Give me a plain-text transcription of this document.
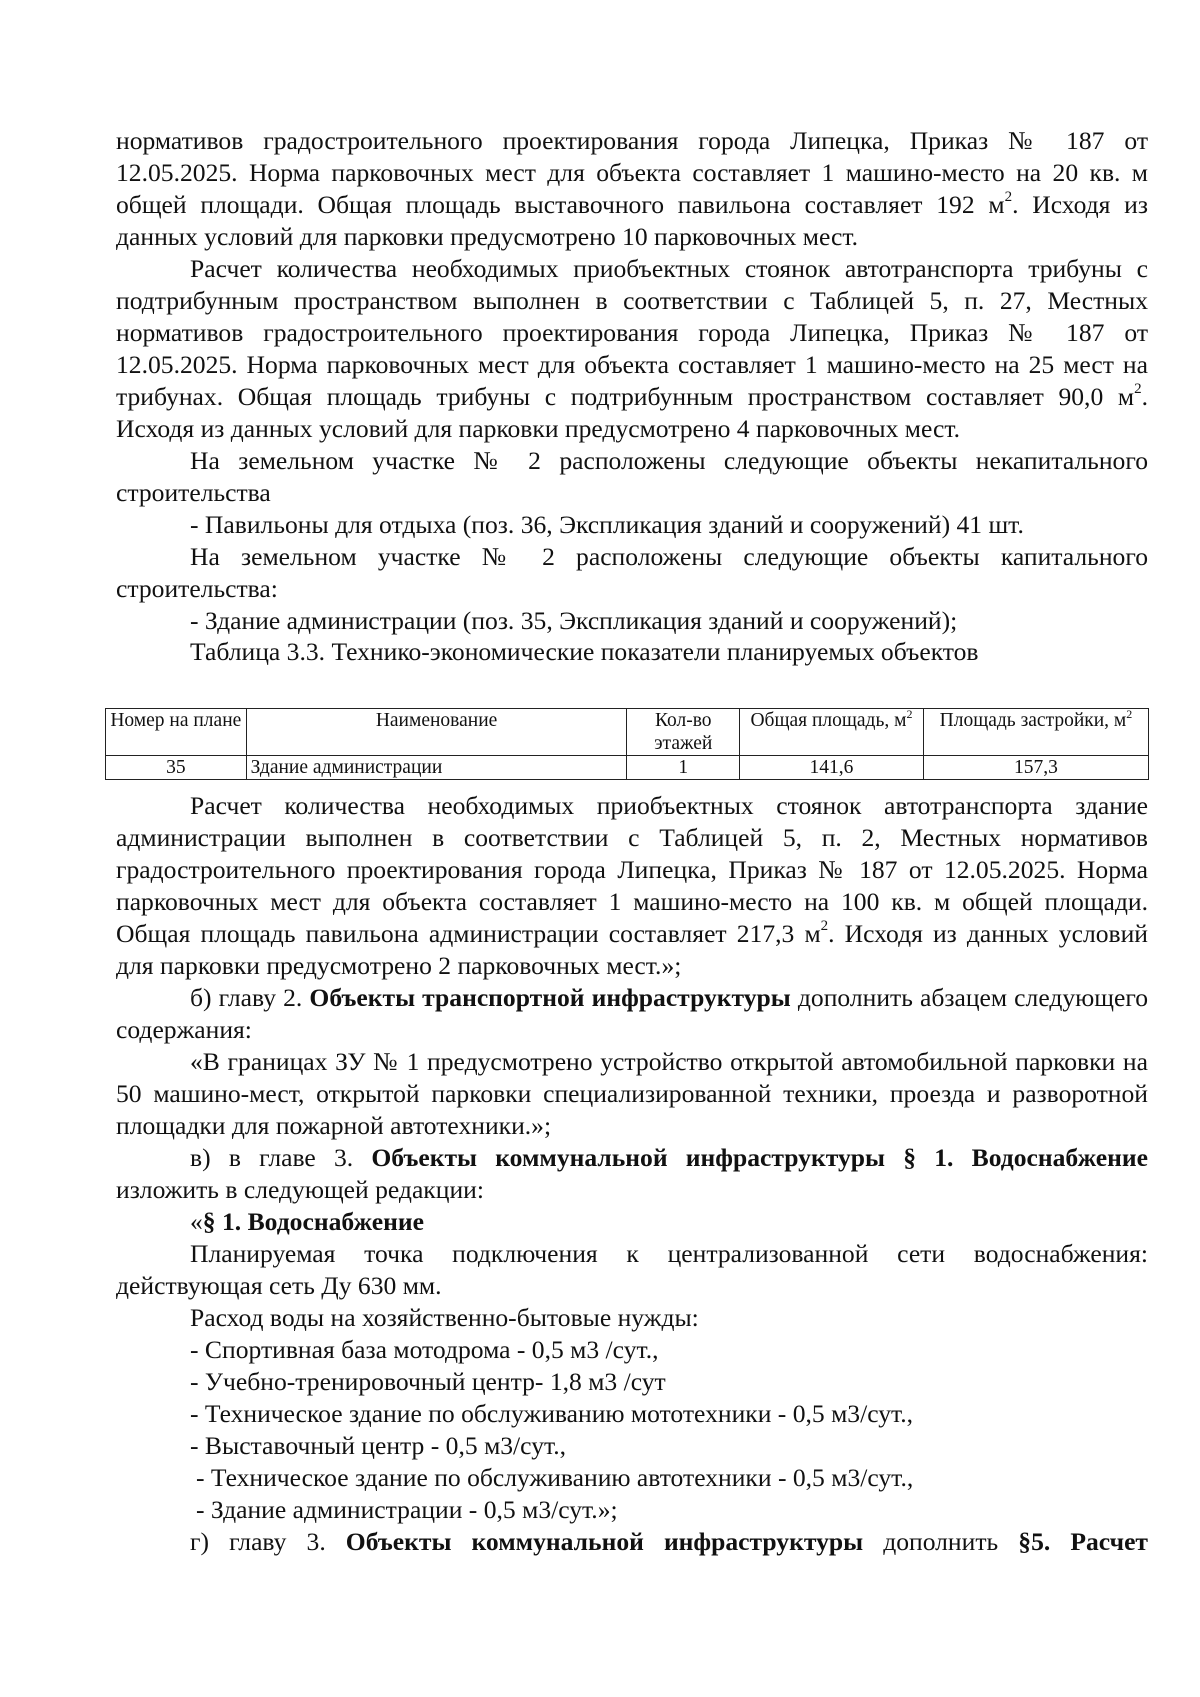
нормативов градостроительного проектирования города Липецка, Приказ № 187 от 12.05.2025. Норма парковочных мест для объекта составляет 1 машино-место на 20 кв. м общей площади. Общая площадь выставочного павильона составляет 192 $м^2$. Исходя из данных условий для парковки предусмотрено 10 парковочных мест.

Расчет количества необходимых приобъектных стоянок автотранспорта трибуны с подтрибунным пространством выполнен в соответствии с Таблицей 5, п. 27, Местных нормативов градостроительного проектирования города Липецка, Приказ № 187 от 12.05.2025. Норма парковочных мест для объекта составляет 1 машино-место на 25 мест на трибунах. Общая площадь трибуны с подтрибунным пространством составляет 90,0 $м^2$. Исходя из данных условий для парковки предусмотрено 4 парковочных мест.

На земельном участке № 2 расположены следующие объекты некапитального строительства

- Павильоны для отдыха (поз. 36, Экспликация зданий и сооружений) 41 шт.

На земельном участке № 2 расположены следующие объекты капитального строительства:

- Здание администрации (поз. 35, Экспликация зданий и сооружений);

Таблица 3.3. Технико-экономические показатели планируемых объектов

Номер на плане	Наименование	Кол-во этажей	Общая площадь, $м^2$	Площадь застройки, $м^2$
35	Здание администрации	1	141,6	157,3

Расчет количества необходимых приобъектных стоянок автотранспорта здание администрации выполнен в соответствии с Таблицей 5, п. 2, Местных нормативов градостроительного проектирования города Липецка, Приказ № 187 от 12.05.2025. Норма парковочных мест для объекта составляет 1 машино-место на 100 кв. м общей площади. Общая площадь павильона администрации составляет 217,3 $м^2$. Исходя из данных условий для парковки предусмотрено 2 парковочных мест.»;

б) главу 2. Объекты транспортной инфраструктуры дополнить абзацем следующего содержания:

«В границах ЗУ № 1 предусмотрено устройство открытой автомобильной парковки на 50 машино-мест, открытой парковки специализированной техники, проезда и разворотной площадки для пожарной автотехники.»;

в) в главе 3. Объекты коммунальной инфраструктуры § 1. Водоснабжение изложить в следующей редакции:

«§ 1. Водоснабжение

Планируемая точка подключения к централизованной сети водоснабжения: действующая сеть Ду 630 мм.

Расход воды на хозяйственно-бытовые нужды:

- Спортивная база мотодрома - 0,5 м3 /сут.,

- Учебно-тренировочный центр- 1,8 м3 /сут

- Техническое здание по обслуживанию мототехники - 0,5 м3/сут.,

- Выставочный центр - 0,5 м3/сут.,

- Техническое здание по обслуживанию автотехники - 0,5 м3/сут.,

- Здание администрации - 0,5 м3/сут.»;

г) главу 3. Объекты коммунальной инфраструктуры дополнить §5. Расчет
